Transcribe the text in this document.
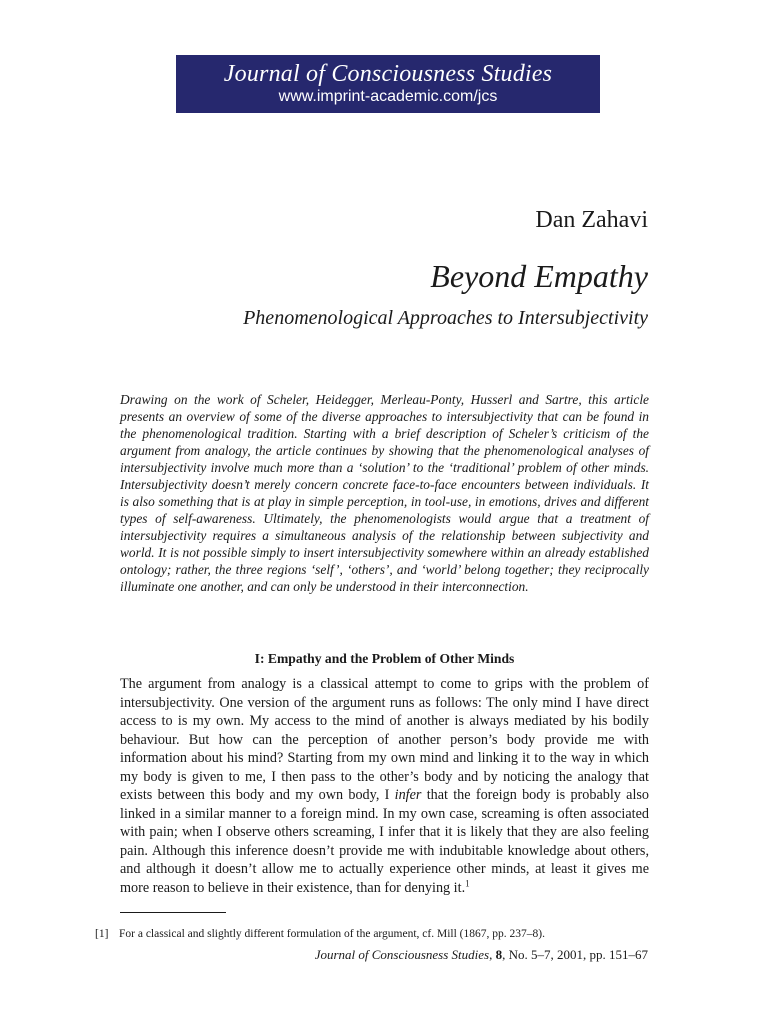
Journal of Consciousness Studies
www.imprint-academic.com/jcs
Dan Zahavi
Beyond Empathy
Phenomenological Approaches to Intersubjectivity

Drawing on the work of Scheler, Heidegger, Merleau-Ponty, Husserl and Sartre, this article presents an overview of some of the diverse approaches to intersubjectivity that can be found in the phenomenological tradition. Starting with a brief description of Scheler’s criticism of the argument from analogy, the article continues by showing that the phenomenological analyses of intersubjectivity involve much more than a ‘solution’ to the ‘traditional’ problem of other minds. Intersubjectivity doesn’t merely concern concrete face-to-face encounters between individuals. It is also something that is at play in simple perception, in tool-use, in emotions, drives and different types of self-awareness. Ultimately, the phenomenologists would argue that a treatment of intersubjectivity requires a simultaneous analysis of the relationship between subjectivity and world. It is not possible simply to insert intersubjectivity somewhere within an already established ontology; rather, the three regions ‘self’, ‘others’, and ‘world’ belong together; they reciprocally illuminate one another, and can only be understood in their interconnection.

I: Empathy and the Problem of Other Minds

The argument from analogy is a classical attempt to come to grips with the problem of intersubjectivity. One version of the argument runs as follows: The only mind I have direct access to is my own. My access to the mind of another is always mediated by his bodily behaviour. But how can the perception of another person’s body provide me with information about his mind? Starting from my own mind and linking it to the way in which my body is given to me, I then pass to the other’s body and by noticing the analogy that exists between this body and my own body, I infer that the foreign body is probably also linked in a similar manner to a foreign mind. In my own case, screaming is often associated with pain; when I observe others screaming, I infer that it is likely that they are also feeling pain. Although this inference doesn’t provide me with indubitable knowledge about others, and although it doesn’t allow me to actually experience other minds, at least it gives me more reason to believe in their existence, than for denying it.$^1$

[1] For a classical and slightly different formulation of the argument, cf. Mill (1867, pp. 237–8).
Journal of Consciousness Studies, 8, No. 5–7, 2001, pp. 151–67
